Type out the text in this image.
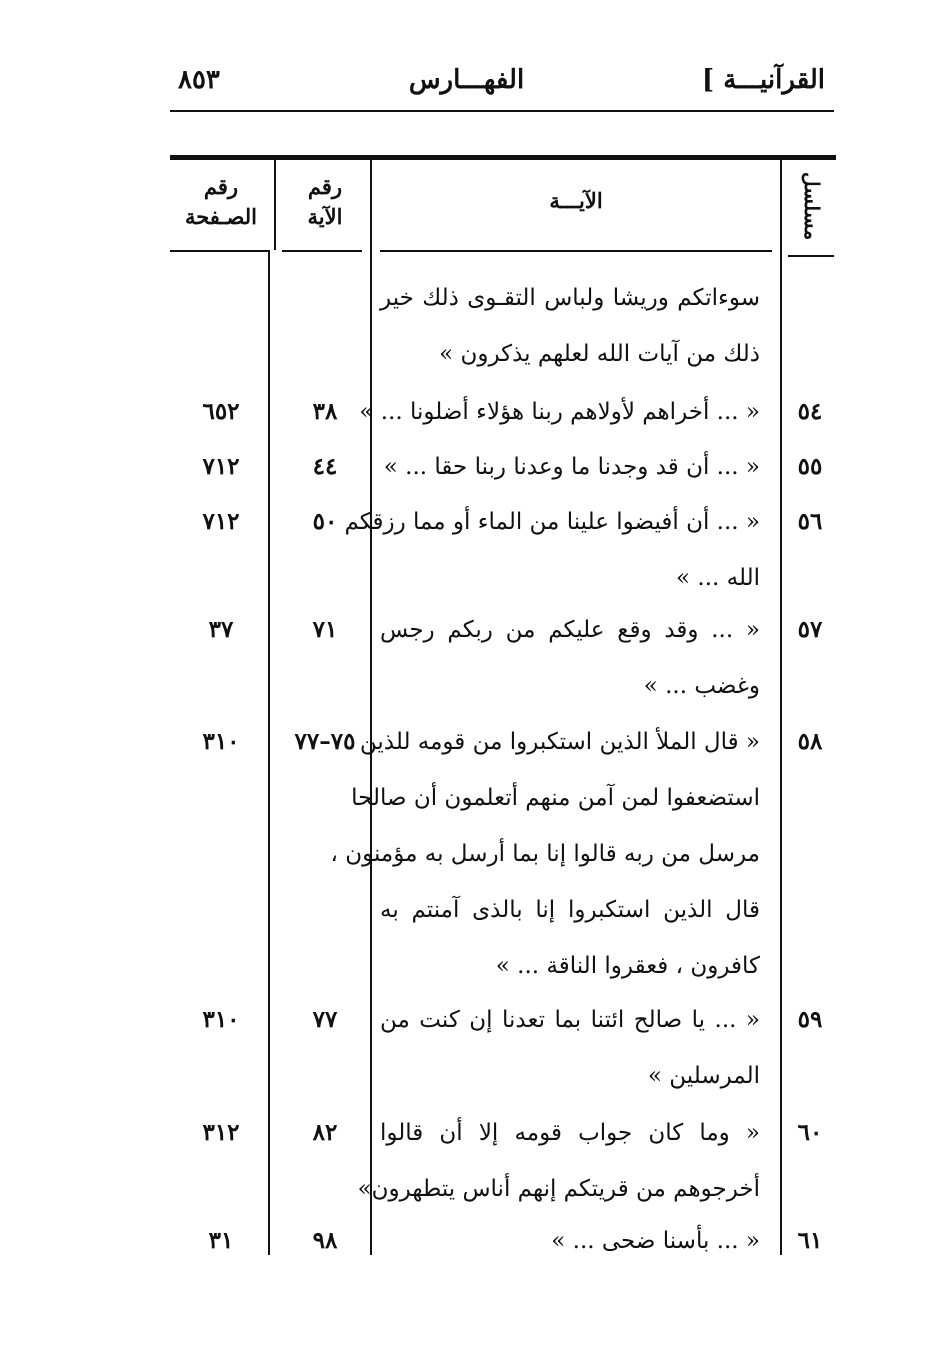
٨٥٣	الفهـــارس	القرآنيـــة ]
مسلسل
الآيـــة
رقم
الآية
رقم
الصـفحة
سوءاتكم وريشا ولباس التقـوى ذلك خير
ذلك من آيات الله لعلهم يذكرون »
٥٤
« ... أخراهم لأولاهم ربنا هؤلاء أضلونا ... »
٣٨
٦٥٢
٥٥
« ... أن قد وجدنا ما وعدنا ربنا حقا ... »
٤٤
٧١٢
٥٦
« ... أن أفيضوا علينا من الماء أو مما رزقكم
الله ... »
٥٠
٧١٢
٥٧
« ... وقد وقع عليكم من ربكم رجس
وغضب ... »
٧١
٣٧
٥٨
« قال الملأ الذين استكبروا من قومه للذين
استضعفوا لمن آمن منهم أتعلمون أن صالحا
مرسل من ربه قالوا إنا بما أرسل به مؤمنون ،
قال الذين استكبروا إنا بالذى آمنتم به
كافرون ، فعقروا الناقة ... »
٧٥–٧٧
٣١٠
٥٩
« ... يا صالح ائتنا بما تعدنا إن كنت من
المرسلين »
٧٧
٣١٠
٦٠
« وما كان جواب قومه إلا أن قالوا
أخرجوهم من قريتكم إنهم أناس يتطهرون»
٨٢
٣١٢
٦١
« ... بأسنا ضحى ... »
٩٨
٣١
